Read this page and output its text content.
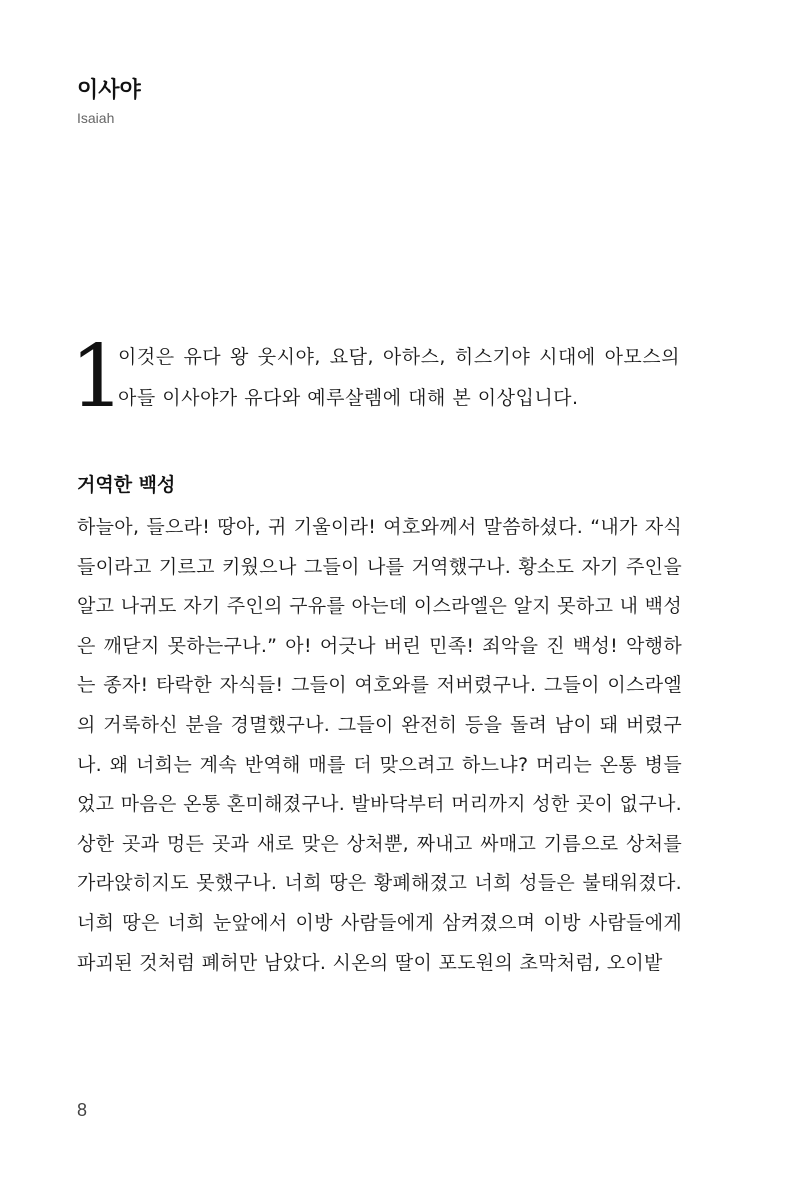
이사야
Isaiah
1

이것은 유다 왕 웃시야, 요담, 아하스, 히스기야 시대에 아모스의 아들 이사야가 유다와 예루살렘에 대해 본 이상입니다.

거역한 백성

하늘아, 들으라! 땅아, 귀 기울이라! 여호와께서 말씀하셨다. “내가 자식들이라고 기르고 키웠으나 그들이 나를 거역했구나. 황소도 자기 주인을 알고 나귀도 자기 주인의 구유를 아는데 이스라엘은 알지 못하고 내 백성은 깨닫지 못하는구나.” 아! 어긋나 버린 민족! 죄악을 진 백성! 악행하는 종자! 타락한 자식들! 그들이 여호와를 저버렸구나. 그들이 이스라엘의 거룩하신 분을 경멸했구나. 그들이 완전히 등을 돌려 남이 돼 버렸구나. 왜 너희는 계속 반역해 매를 더 맞으려고 하느냐? 머리는 온통 병들었고 마음은 온통 혼미해졌구나. 발바닥부터 머리까지 성한 곳이 없구나. 상한 곳과 멍든 곳과 새로 맞은 상처뿐, 짜내고 싸매고 기름으로 상처를 가라앉히지도 못했구나. 너희 땅은 황폐해졌고 너희 성들은 불태워졌다. 너희 땅은 너희 눈앞에서 이방 사람들에게 삼켜졌으며 이방 사람들에게 파괴된 것처럼 폐허만 남았다. 시온의 딸이 포도원의 초막처럼, 오이밭

8
